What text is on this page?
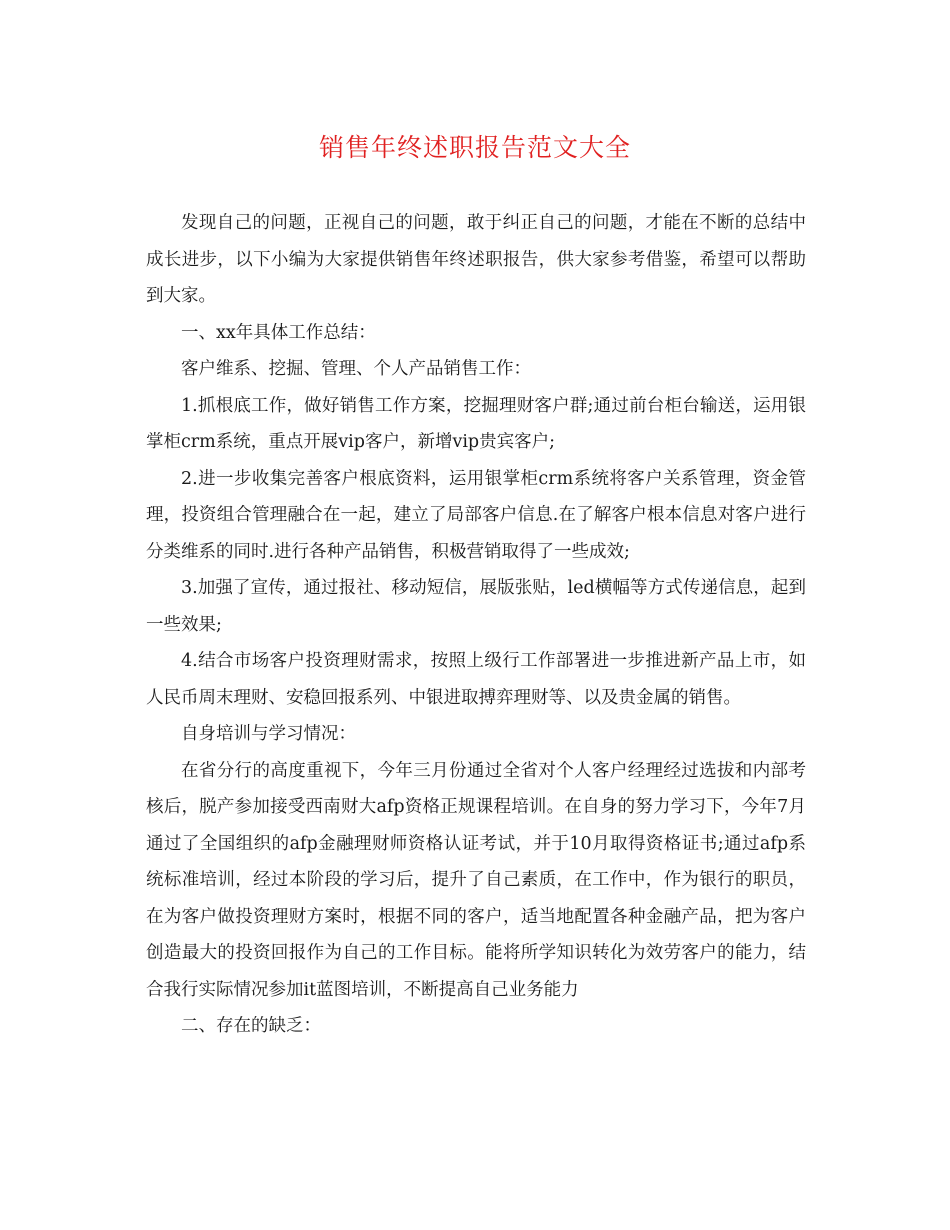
销售年终述职报告范文大全

发现自己的问题，正视自己的问题，敢于纠正自己的问题，才能在不断的总结中成长进步，以下小编为大家提供销售年终述职报告，供大家参考借鉴，希望可以帮助到大家。

一、xx年具体工作总结：

客户维系、挖掘、管理、个人产品销售工作：

1.抓根底工作，做好销售工作方案，挖掘理财客户群;通过前台柜台输送，运用银掌柜crm系统，重点开展vip客户，新增vip贵宾客户;

2.进一步收集完善客户根底资料，运用银掌柜crm系统将客户关系管理，资金管理，投资组合管理融合在一起，建立了局部客户信息.在了解客户根本信息对客户进行分类维系的同时.进行各种产品销售，积极营销取得了一些成效;

3.加强了宣传，通过报社、移动短信，展版张贴，led横幅等方式传递信息，起到一些效果;

4.结合市场客户投资理财需求，按照上级行工作部署进一步推进新产品上市，如人民币周末理财、安稳回报系列、中银进取搏弈理财等、以及贵金属的销售。

自身培训与学习情况：

在省分行的高度重视下，今年三月份通过全省对个人客户经理经过选拔和内部考核后，脱产参加接受西南财大afp资格正规课程培训。在自身的努力学习下，今年7月通过了全国组织的afp金融理财师资格认证考试，并于10月取得资格证书;通过afp系统标准培训，经过本阶段的学习后，提升了自己素质，在工作中，作为银行的职员，在为客户做投资理财方案时，根据不同的客户，适当地配置各种金融产品，把为客户创造最大的投资回报作为自己的工作目标。能将所学知识转化为效劳客户的能力，结合我行实际情况参加it蓝图培训，不断提高自己业务能力

二、存在的缺乏：
